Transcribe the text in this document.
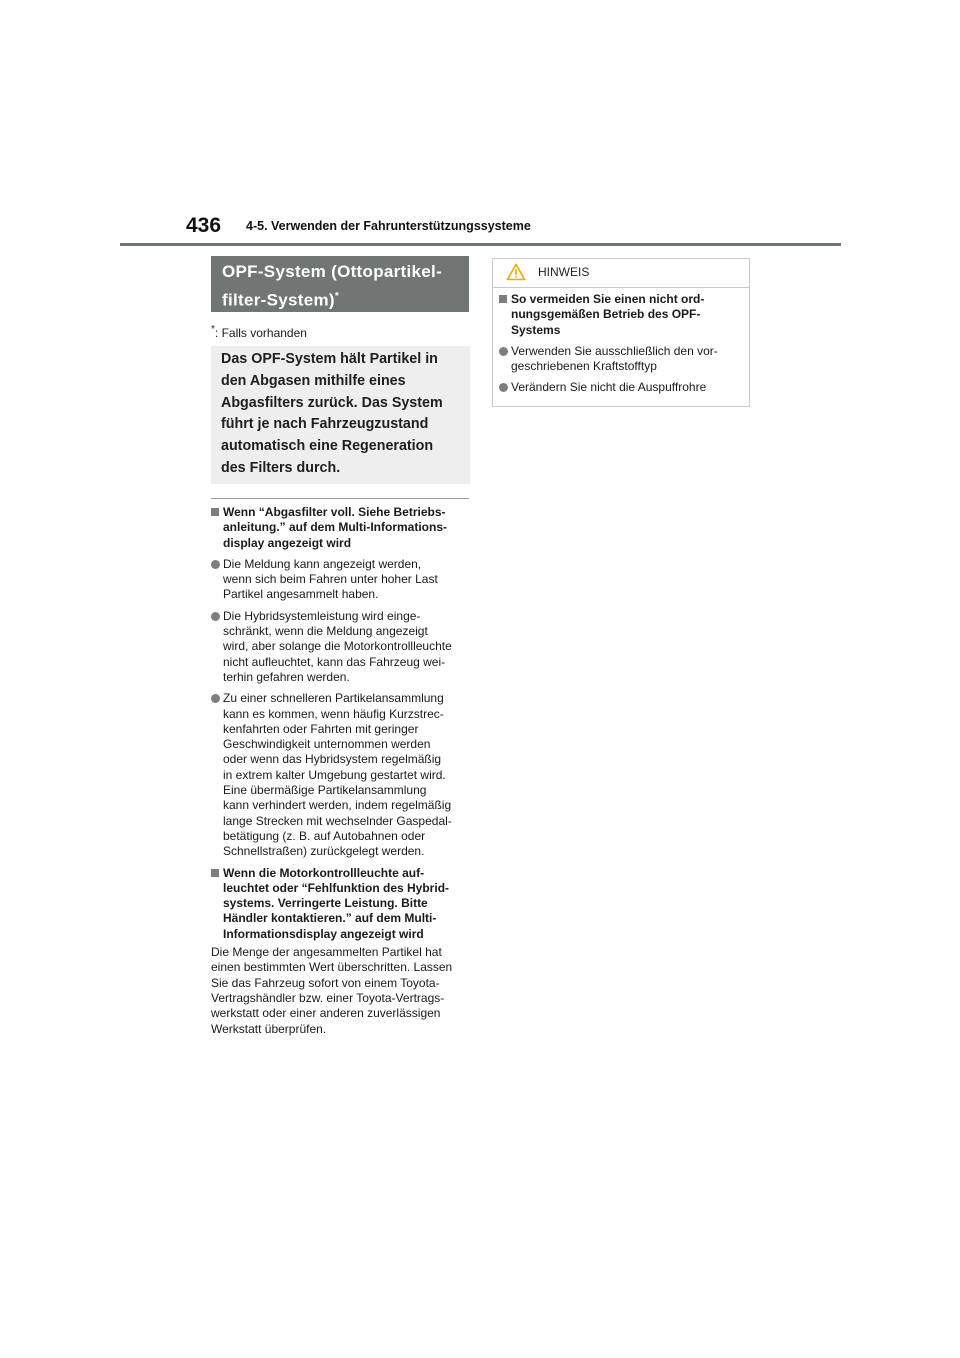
436 4-5. Verwenden der Fahrunterstützungssysteme
OPF-System (Ottopartikel-
filter-System)*
*: Falls vorhanden
Das OPF-System hält Partikel in
den Abgasen mithilfe eines
Abgasfilters zurück. Das System
führt je nach Fahrzeugzustand
automatisch eine Regeneration
des Filters durch.
Wenn “Abgasfilter voll. Siehe Betriebs-
anleitung.” auf dem Multi-Informations-
display angezeigt wird
Die Meldung kann angezeigt werden,
wenn sich beim Fahren unter hoher Last
Partikel angesammelt haben.
Die Hybridsystemleistung wird einge-
schränkt, wenn die Meldung angezeigt
wird, aber solange die Motorkontrollleuchte
nicht aufleuchtet, kann das Fahrzeug wei-
terhin gefahren werden.
Zu einer schnelleren Partikelansammlung
kann es kommen, wenn häufig Kurzstrec-
kenfahrten oder Fahrten mit geringer
Geschwindigkeit unternommen werden
oder wenn das Hybridsystem regelmäßig
in extrem kalter Umgebung gestartet wird.
Eine übermäßige Partikelansammlung
kann verhindert werden, indem regelmäßig
lange Strecken mit wechselnder Gaspedal-
betätigung (z. B. auf Autobahnen oder
Schnellstraßen) zurückgelegt werden.
Wenn die Motorkontrollleuchte auf-
leuchtet oder “Fehlfunktion des Hybrid-
systems. Verringerte Leistung. Bitte
Händler kontaktieren.” auf dem Multi-
Informationsdisplay angezeigt wird
Die Menge der angesammelten Partikel hat
einen bestimmten Wert überschritten. Lassen
Sie das Fahrzeug sofort von einem Toyota-
Vertragshändler bzw. einer Toyota-Vertrags-
werkstatt oder einer anderen zuverlässigen
Werkstatt überprüfen.
HINWEIS
So vermeiden Sie einen nicht ord-
nungsgemäßen Betrieb des OPF-
Systems
Verwenden Sie ausschließlich den vor-
geschriebenen Kraftstofftyp
Verändern Sie nicht die Auspuffrohre
